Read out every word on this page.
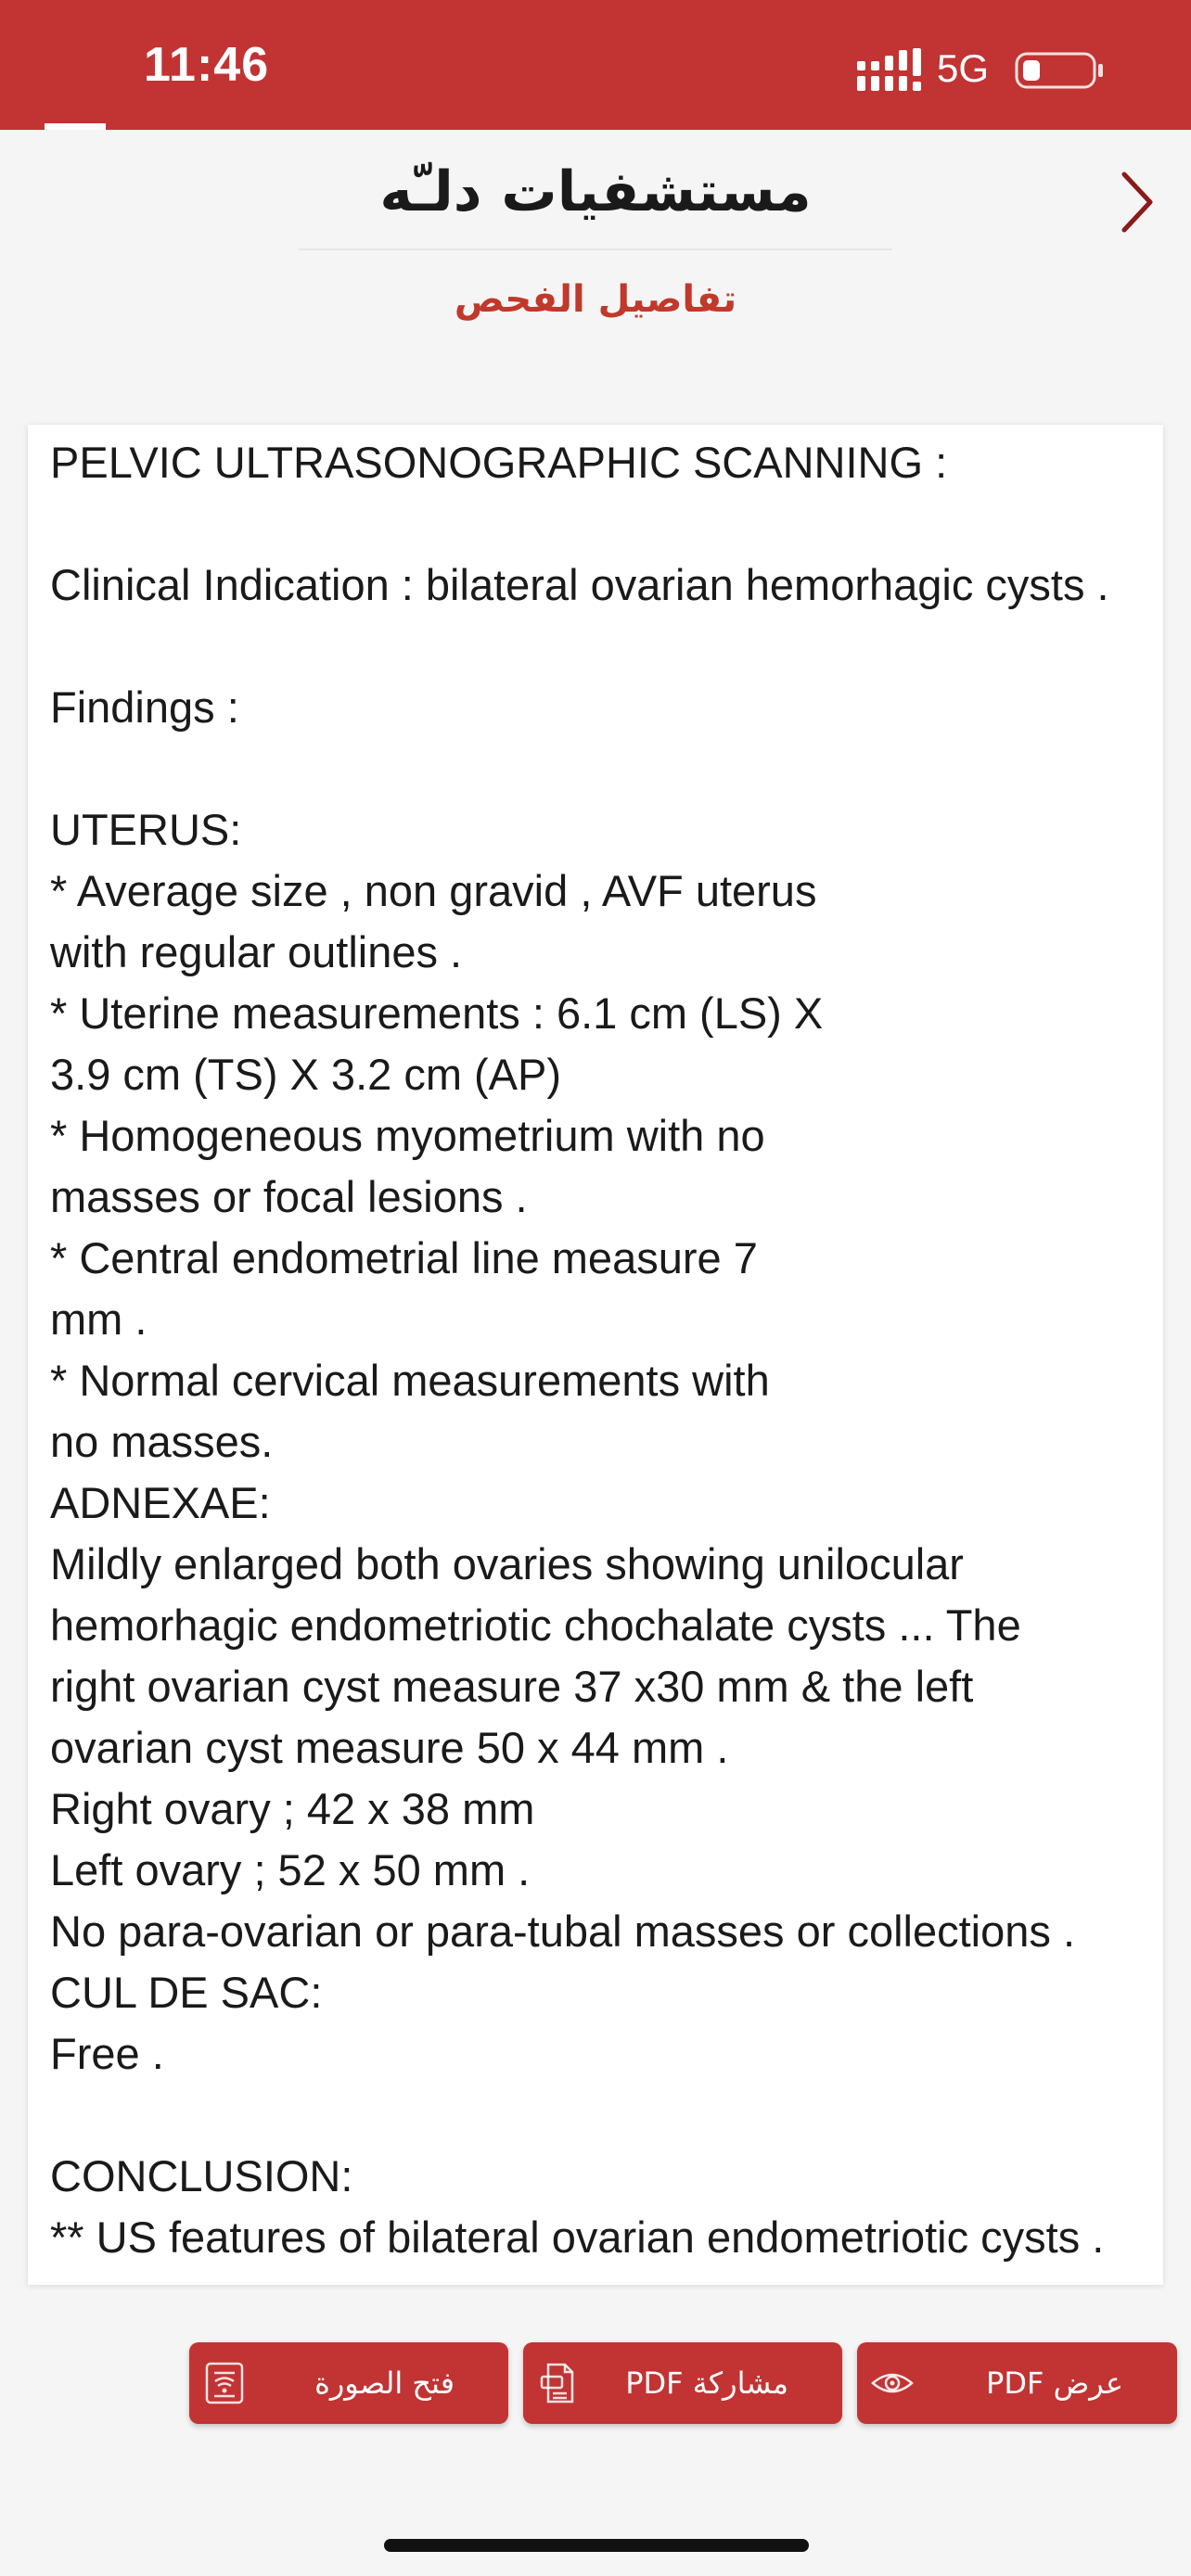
11:46	5G
مستشفيات دلـّه
تفاصيل الفحص
PELVIC ULTRASONOGRAPHIC SCANNING :
Clinical Indication : bilateral ovarian hemorhagic cysts .
Findings :
UTERUS:
* Average size , non gravid , AVF uterus
with regular outlines .
* Uterine measurements : 6.1 cm (LS) X
3.9 cm (TS) X 3.2 cm (AP)
* Homogeneous myometrium with no
masses or focal lesions .
* Central endometrial line measure 7
mm .
* Normal cervical measurements with
no masses.
ADNEXAE:
Mildly enlarged both ovaries showing unilocular
hemorhagic endometriotic chochalate cysts ... The
right ovarian cyst measure 37 x30 mm & the left
ovarian cyst measure 50 x 44 mm .
Right ovary ; 42 x 38 mm
Left ovary ; 52 x 50 mm .
No para-ovarian or para-tubal masses or collections .
CUL DE SAC:
Free .
CONCLUSION:
** US features of bilateral ovarian endometriotic cysts .
فتح الصورة	مشاركة PDF	عرض PDF
